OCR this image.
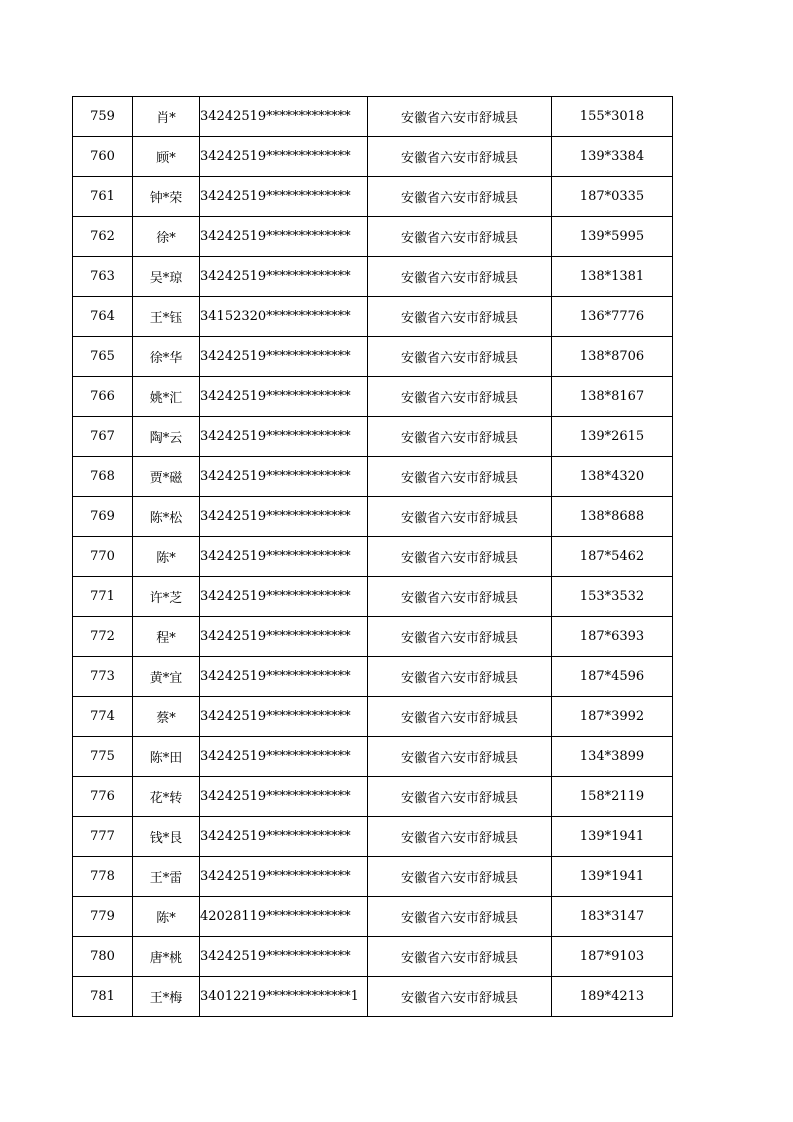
759	肖*	34242519*************	安徽省六安市舒城县	155*3018
760	顾*	34242519*************	安徽省六安市舒城县	139*3384
761	钟*荣	34242519*************	安徽省六安市舒城县	187*0335
762	徐*	34242519*************	安徽省六安市舒城县	139*5995
763	吴*琼	34242519*************	安徽省六安市舒城县	138*1381
764	王*钰	34152320*************	安徽省六安市舒城县	136*7776
765	徐*华	34242519*************	安徽省六安市舒城县	138*8706
766	姚*汇	34242519*************	安徽省六安市舒城县	138*8167
767	陶*云	34242519*************	安徽省六安市舒城县	139*2615
768	贾*磁	34242519*************	安徽省六安市舒城县	138*4320
769	陈*松	34242519*************	安徽省六安市舒城县	138*8688
770	陈*	34242519*************	安徽省六安市舒城县	187*5462
771	许*芝	34242519*************	安徽省六安市舒城县	153*3532
772	程*	34242519*************	安徽省六安市舒城县	187*6393
773	黄*宜	34242519*************	安徽省六安市舒城县	187*4596
774	蔡*	34242519*************	安徽省六安市舒城县	187*3992
775	陈*田	34242519*************	安徽省六安市舒城县	134*3899
776	花*转	34242519*************	安徽省六安市舒城县	158*2119
777	钱*艮	34242519*************	安徽省六安市舒城县	139*1941
778	王*雷	34242519*************	安徽省六安市舒城县	139*1941
779	陈*	42028119*************	安徽省六安市舒城县	183*3147
780	唐*桃	34242519*************	安徽省六安市舒城县	187*9103
781	王*梅	34012219*************1	安徽省六安市舒城县	189*4213
